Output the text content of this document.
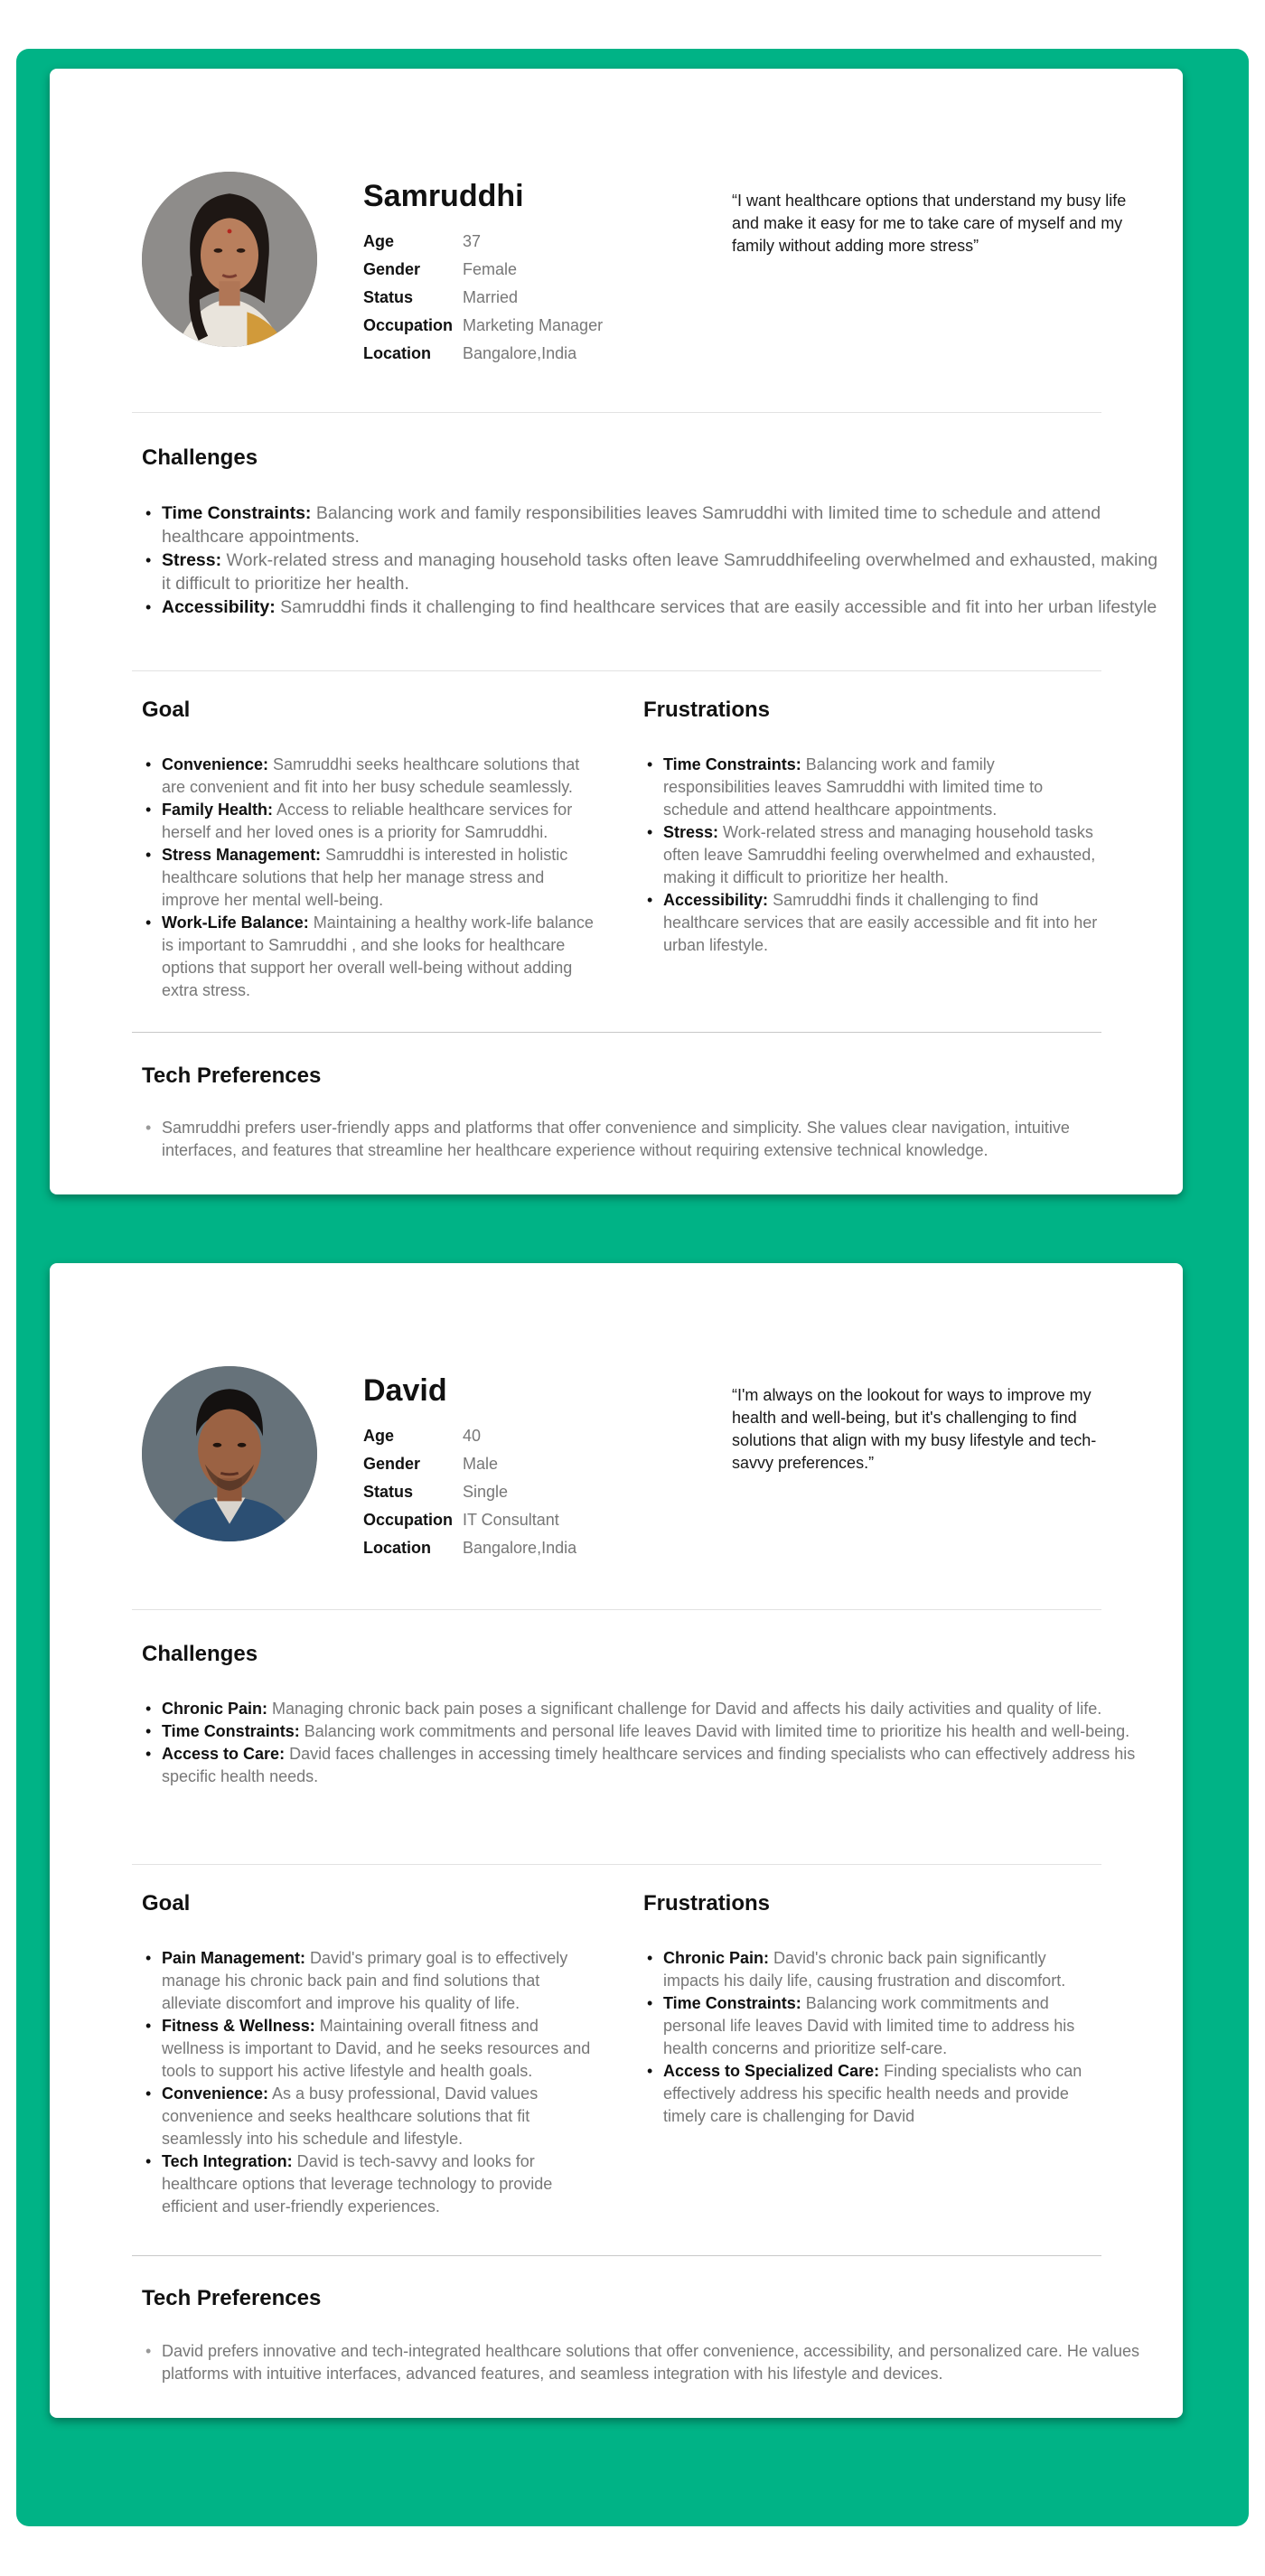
Samruddhi
Age	37
Gender	Female
Status	Married
Occupation Marketing Manager
Location	Bangalore,India
“I want healthcare options that understand my busy life and make it easy for me to take care of myself and my family without adding more stress”
Challenges
• Time Constraints: Balancing work and family responsibilities leaves Samruddhi with limited time to schedule and attend healthcare appointments.
• Stress: Work-related stress and managing household tasks often leave Samruddhifeeling overwhelmed and exhausted, making it difficult to prioritize her health.
• Accessibility: Samruddhi finds it challenging to find healthcare services that are easily accessible and fit into her urban lifestyle
Goal
• Convenience: Samruddhi seeks healthcare solutions that are convenient and fit into her busy schedule seamlessly.
• Family Health: Access to reliable healthcare services for herself and her loved ones is a priority for Samruddhi.
• Stress Management: Samruddhi is interested in holistic healthcare solutions that help her manage stress and improve her mental well-being.
• Work-Life Balance: Maintaining a healthy work-life balance is important to Samruddhi , and she looks for healthcare options that support her overall well-being without adding extra stress.
Frustrations
• Time Constraints: Balancing work and family responsibilities leaves Samruddhi with limited time to schedule and attend healthcare appointments.
• Stress: Work-related stress and managing household tasks often leave Samruddhi feeling overwhelmed and exhausted, making it difficult to prioritize her health.
• Accessibility: Samruddhi finds it challenging to find healthcare services that are easily accessible and fit into her urban lifestyle.
Tech Preferences
• Samruddhi prefers user-friendly apps and platforms that offer convenience and simplicity. She values clear navigation, intuitive interfaces, and features that streamline her healthcare experience without requiring extensive technical knowledge.
David
Age	40
Gender	Male
Status	Single
Occupation IT Consultant
Location	Bangalore,India
“I'm always on the lookout for ways to improve my health and well-being, but it's challenging to find solutions that align with my busy lifestyle and tech-savvy preferences.”
Challenges
• Chronic Pain: Managing chronic back pain poses a significant challenge for David and affects his daily activities and quality of life.
• Time Constraints: Balancing work commitments and personal life leaves David with limited time to prioritize his health and well-being.
• Access to Care: David faces challenges in accessing timely healthcare services and finding specialists who can effectively address his specific health needs.
Goal
• Pain Management: David's primary goal is to effectively manage his chronic back pain and find solutions that alleviate discomfort and improve his quality of life.
• Fitness & Wellness: Maintaining overall fitness and wellness is important to David, and he seeks resources and tools to support his active lifestyle and health goals.
• Convenience: As a busy professional, David values convenience and seeks healthcare solutions that fit seamlessly into his schedule and lifestyle.
• Tech Integration: David is tech-savvy and looks for healthcare options that leverage technology to provide efficient and user-friendly experiences.
Frustrations
• Chronic Pain: David's chronic back pain significantly impacts his daily life, causing frustration and discomfort.
• Time Constraints: Balancing work commitments and personal life leaves David with limited time to address his health concerns and prioritize self-care.
• Access to Specialized Care: Finding specialists who can effectively address his specific health needs and provide timely care is challenging for David
Tech Preferences
• David prefers innovative and tech-integrated healthcare solutions that offer convenience, accessibility, and personalized care. He values platforms with intuitive interfaces, advanced features, and seamless integration with his lifestyle and devices.
